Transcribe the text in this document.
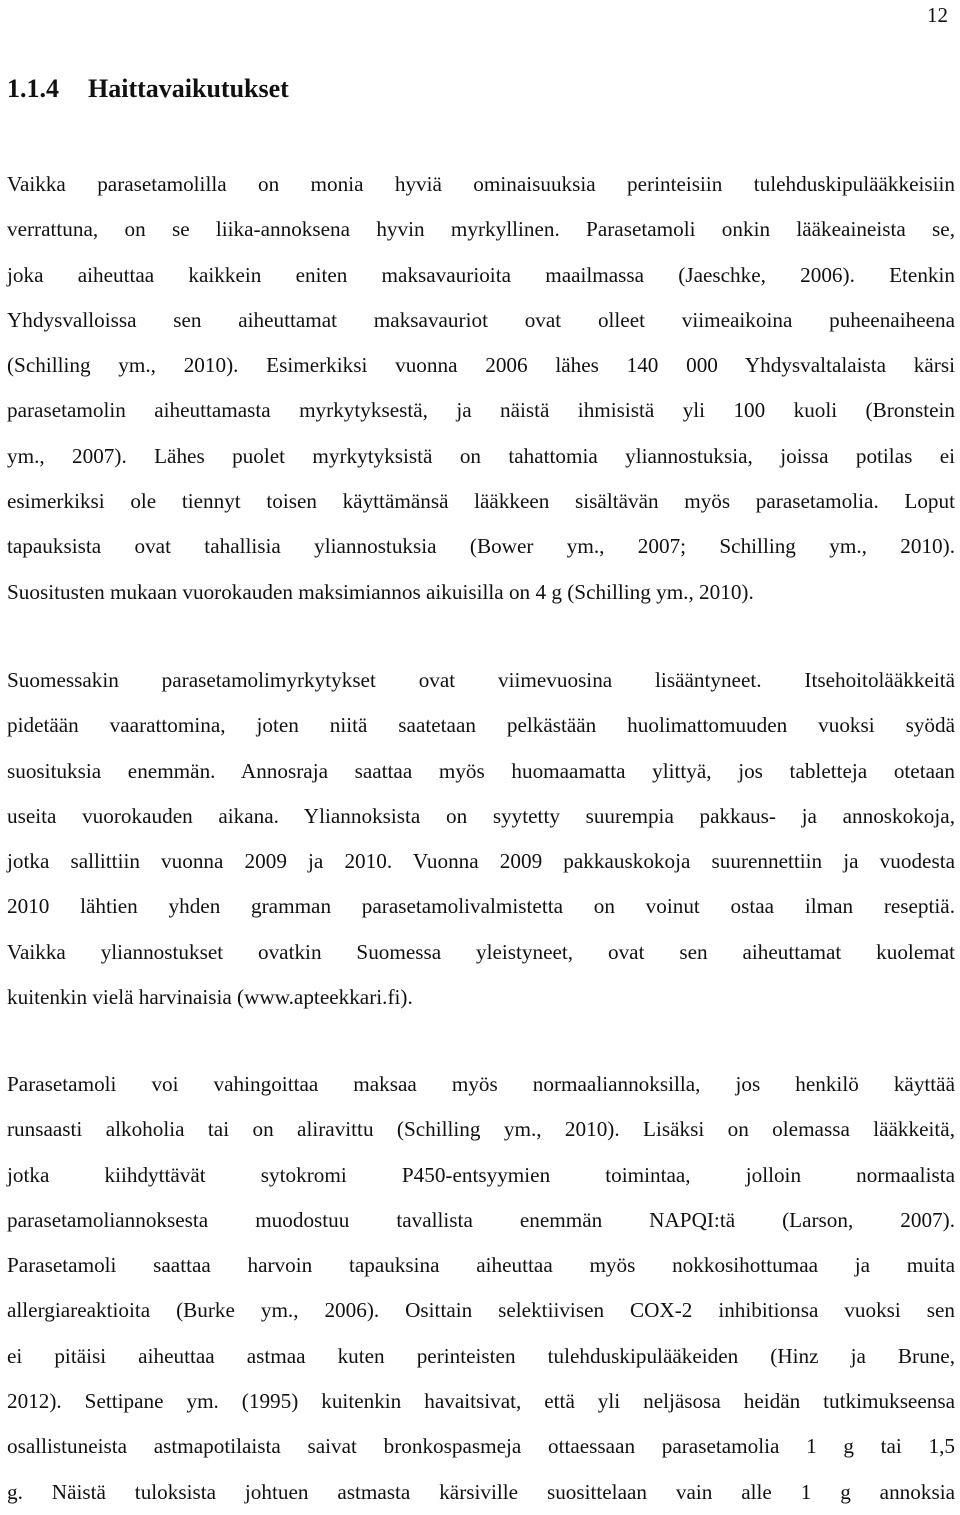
12
1.1.4 Haittavaikutukset
Vaikka parasetamolilla on monia hyviä ominaisuuksia perinteisiin tulehduskipulääkkeisiin
verrattuna, on se liika-annoksena hyvin myrkyllinen. Parasetamoli onkin lääkeaineista se,
joka aiheuttaa kaikkein eniten maksavaurioita maailmassa (Jaeschke, 2006). Etenkin
Yhdysvalloissa sen aiheuttamat maksavauriot ovat olleet viimeaikoina puheenaiheena
(Schilling ym., 2010). Esimerkiksi vuonna 2006 lähes 140 000 Yhdysvaltalaista kärsi
parasetamolin aiheuttamasta myrkytyksestä, ja näistä ihmisistä yli 100 kuoli (Bronstein
ym., 2007). Lähes puolet myrkytyksistä on tahattomia yliannostuksia, joissa potilas ei
esimerkiksi ole tiennyt toisen käyttämänsä lääkkeen sisältävän myös parasetamolia. Loput
tapauksista ovat tahallisia yliannostuksia (Bower ym., 2007; Schilling ym., 2010).
Suositusten mukaan vuorokauden maksimiannos aikuisilla on 4 g (Schilling ym., 2010).
Suomessakin parasetamolimyrkytykset ovat viimevuosina lisääntyneet. Itsehoitolääkkeitä
pidetään vaarattomina, joten niitä saatetaan pelkästään huolimattomuuden vuoksi syödä
suosituksia enemmän. Annosraja saattaa myös huomaamatta ylittyä, jos tabletteja otetaan
useita vuorokauden aikana. Yliannoksista on syytetty suurempia pakkaus- ja annoskokoja,
jotka sallittiin vuonna 2009 ja 2010. Vuonna 2009 pakkauskokoja suurennettiin ja vuodesta
2010 lähtien yhden gramman parasetamolivalmistetta on voinut ostaa ilman reseptiä.
Vaikka yliannostukset ovatkin Suomessa yleistyneet, ovat sen aiheuttamat kuolemat
kuitenkin vielä harvinaisia (www.apteekkari.fi).
Parasetamoli voi vahingoittaa maksaa myös normaaliannoksilla, jos henkilö käyttää
runsaasti alkoholia tai on aliravittu (Schilling ym., 2010). Lisäksi on olemassa lääkkeitä,
jotka kiihdyttävät sytokromi P450-entsyymien toimintaa, jolloin normaalista
parasetamoliannoksesta muodostuu tavallista enemmän NAPQI:tä (Larson, 2007).
Parasetamoli saattaa harvoin tapauksina aiheuttaa myös nokkosihottumaa ja muita
allergiareaktioita (Burke ym., 2006). Osittain selektiivisen COX-2 inhibitionsa vuoksi sen
ei pitäisi aiheuttaa astmaa kuten perinteisten tulehduskipulääkeiden (Hinz ja Brune,
2012). Settipane ym. (1995) kuitenkin havaitsivat, että yli neljäsosa heidän tutkimukseensa
osallistuneista astmapotilaista saivat bronkospasmeja ottaessaan parasetamolia 1 g tai 1,5
g. Näistä tuloksista johtuen astmasta kärsiville suosittelaan vain alle 1 g annoksia
